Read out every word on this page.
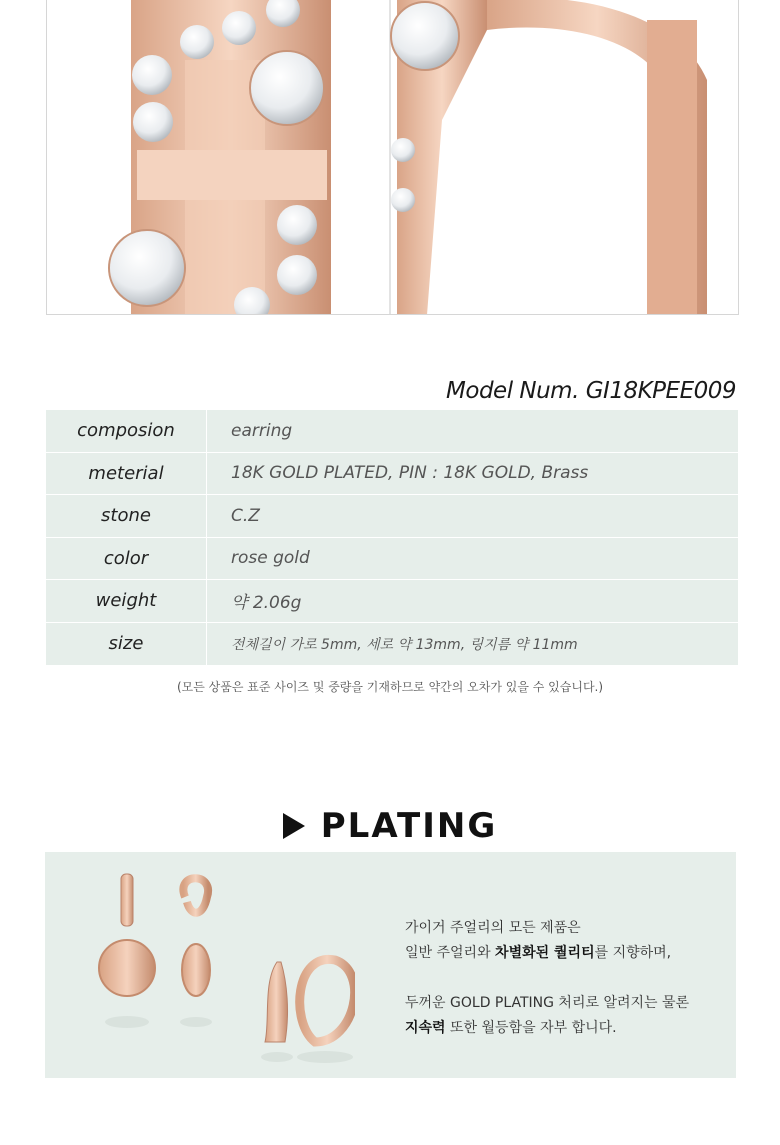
Model Num. GI18KPEE009
composion	earring
meterial	18K GOLD PLATED, PIN : 18K GOLD, Brass
stone	C.Z
color	rose gold
weight	약 2.06g
size	전체길이 가로 5mm, 세로 약 13mm, 링지름 약 11mm
(모든 상품은 표준 사이즈 및 중량을 기재하므로 약간의 오차가 있을 수 있습니다.)
PLATING

가이거 주얼리의 모든 제품은

일반 주얼리와 차별화된 퀄리티를 지향하며,

두꺼운 GOLD PLATING 처리로 알려지는 물론

지속력 또한 월등함을 자부 합니다.
